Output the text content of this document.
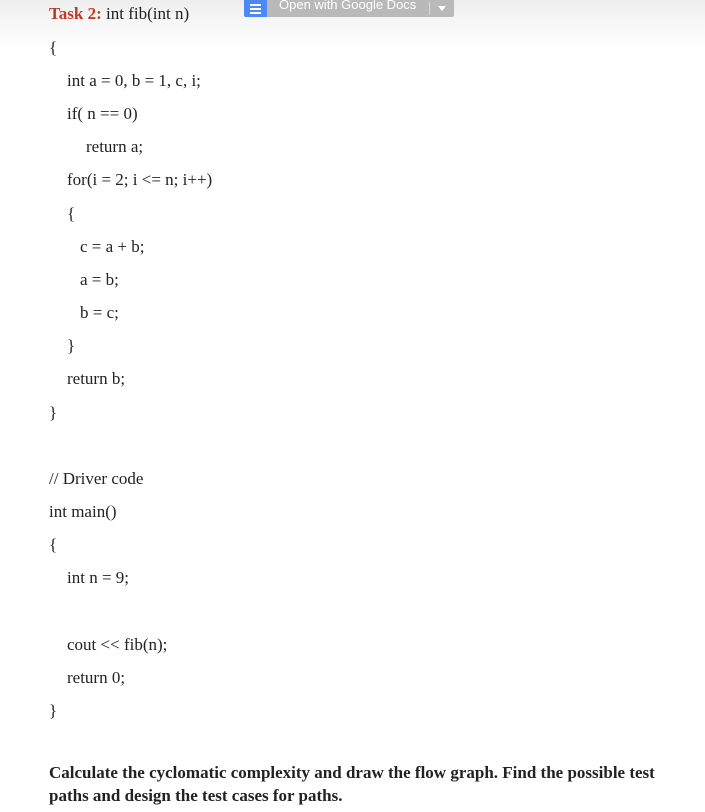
Open with Google Docs
Task 2: int fib(int n)
{
int a = 0, b = 1, c, i;
if( n == 0)
return a;
for(i = 2; i <= n; i++)
{
c = a + b;
a = b;
b = c;
}
return b;
}
// Driver code
int main()
{
int n = 9;
cout << fib(n);
return 0;
}
Calculate the cyclomatic complexity and draw the flow graph. Find the possible test paths and design the test cases for paths.
